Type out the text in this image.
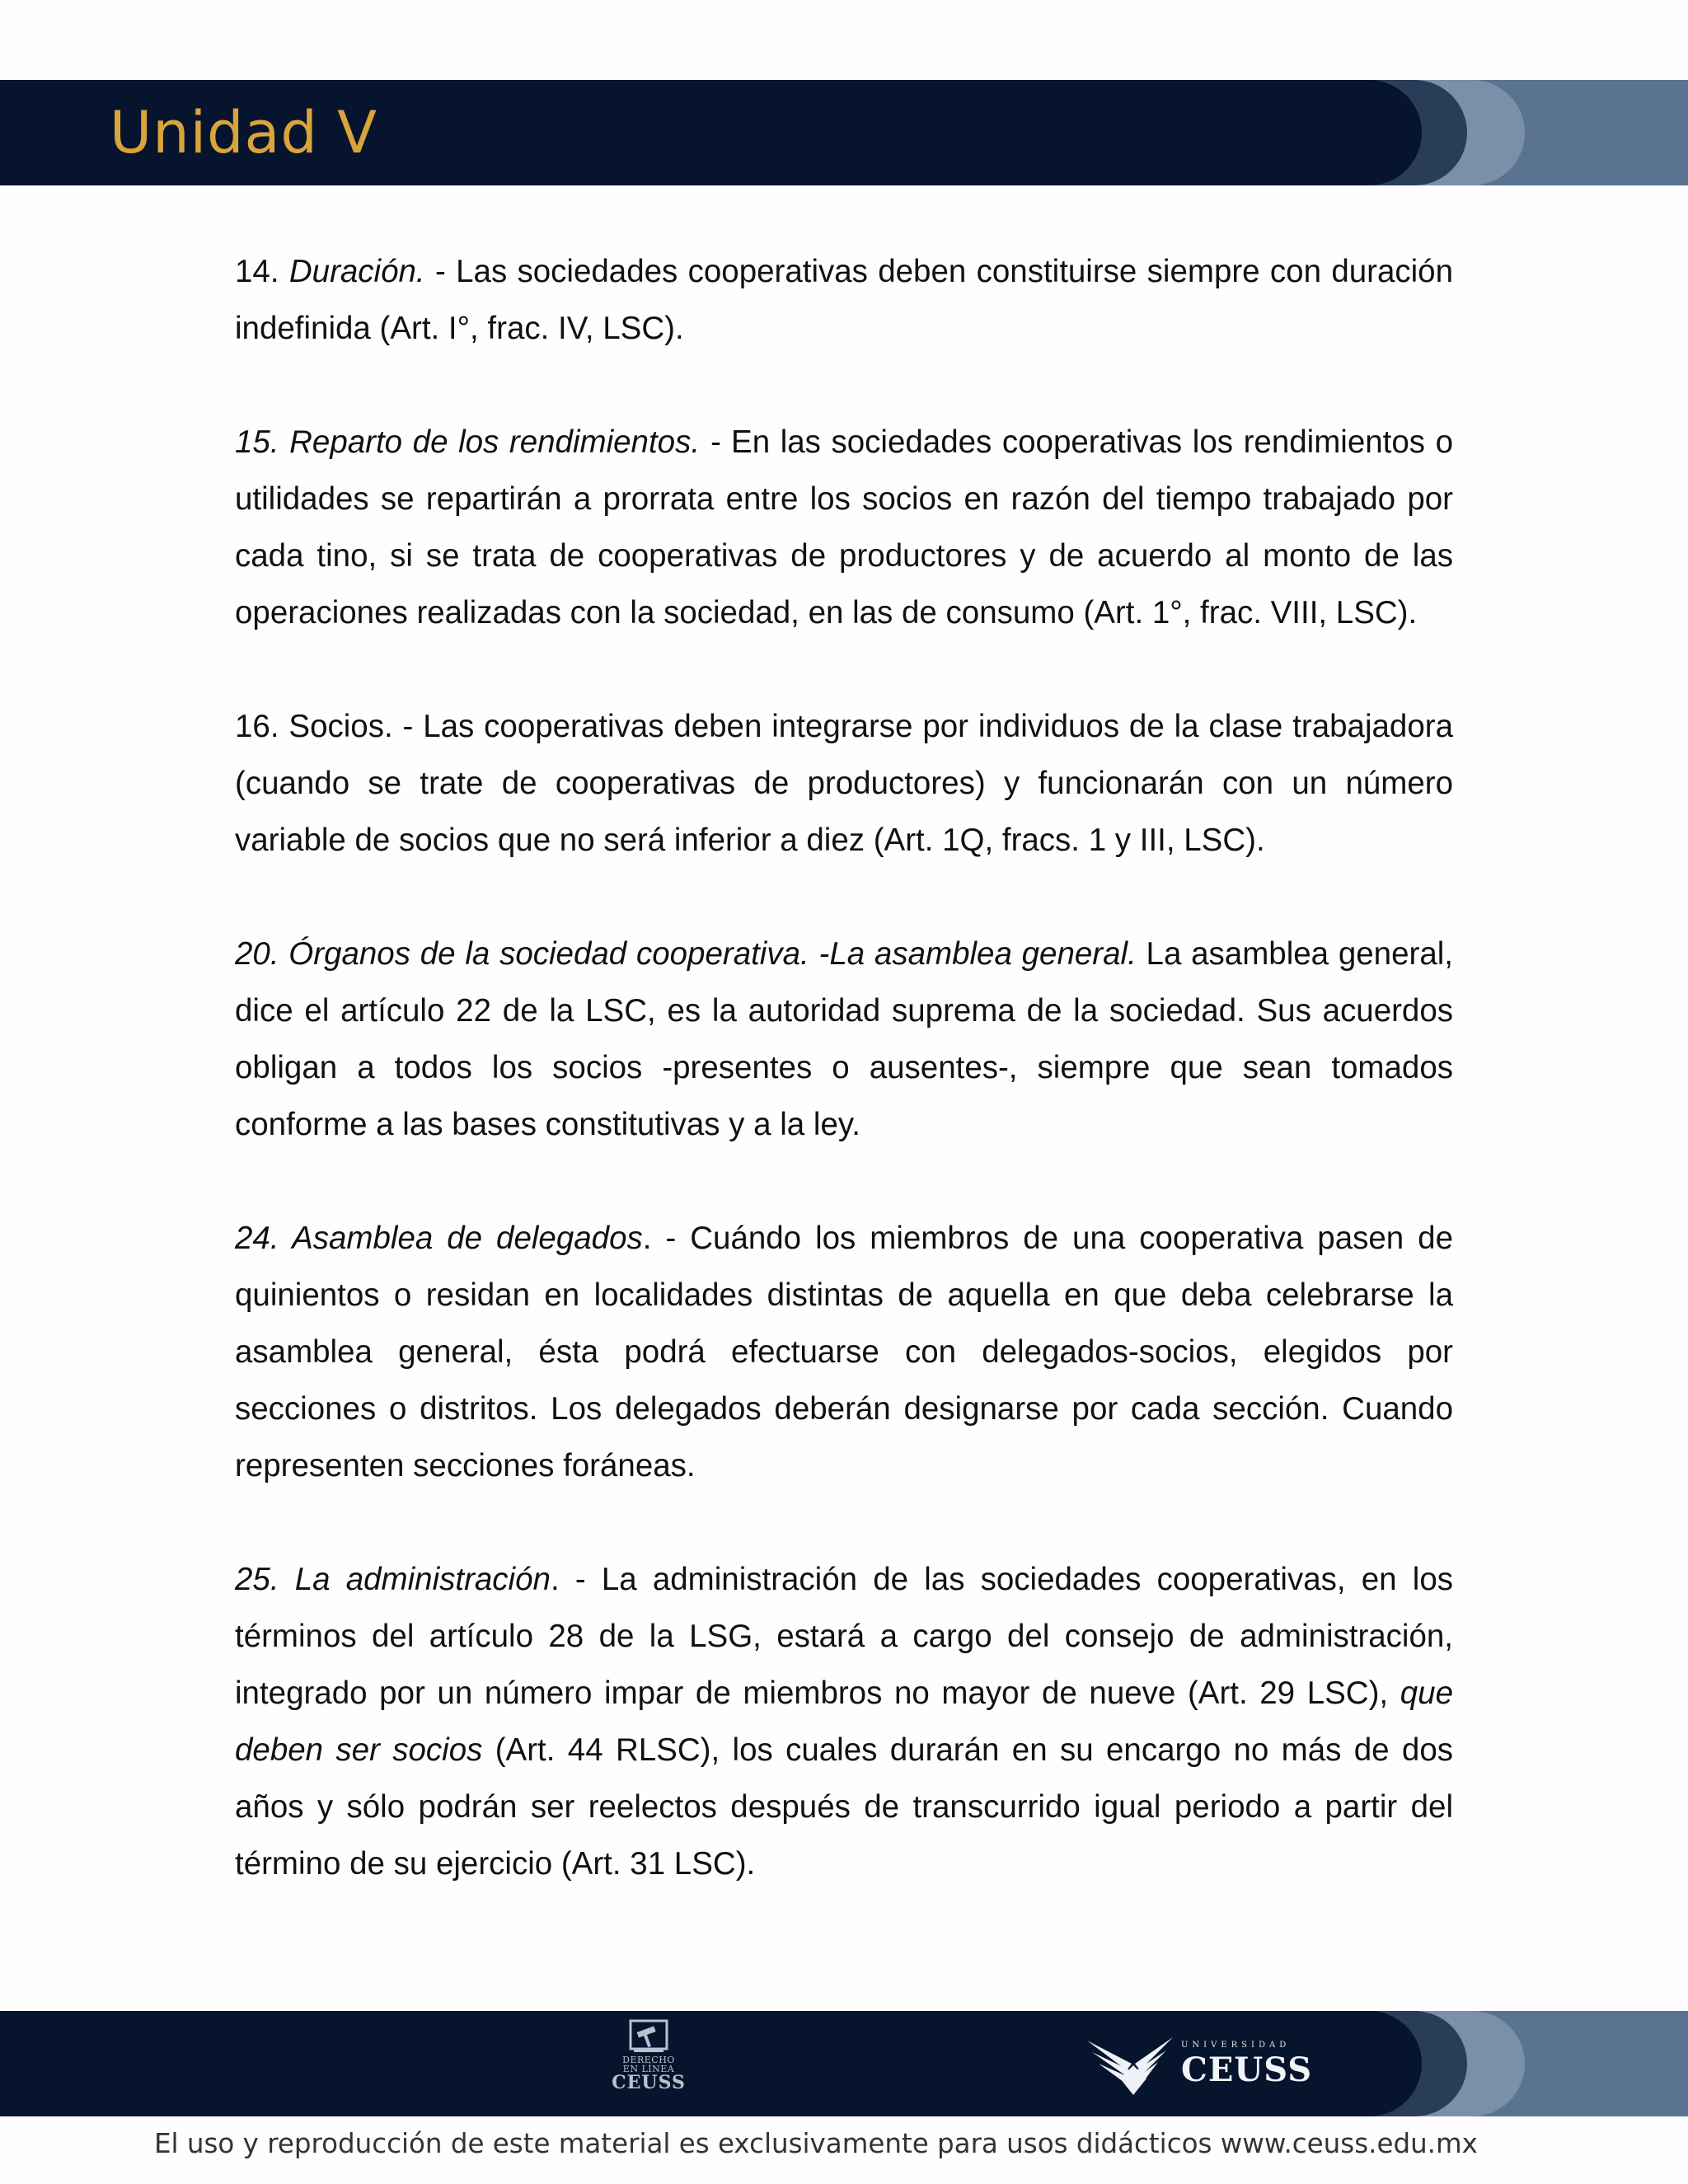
Unidad V

14. Duración. - Las sociedades cooperativas deben constituirse siempre con duración indefinida (Art. I°, frac. IV, LSC).

15. Reparto de los rendimientos. - En las sociedades cooperativas los rendimientos o utilidades se repartirán a prorrata entre los socios en razón del tiempo trabajado por cada tino, si se trata de cooperativas de productores y de acuerdo al monto de las operaciones realizadas con la sociedad, en las de consumo (Art. 1°, frac. VIII, LSC).

16. Socios. - Las cooperativas deben integrarse por individuos de la clase trabajadora (cuando se trate de cooperativas de productores) y funcionarán con un número variable de socios que no será inferior a diez (Art. 1Q, fracs. 1 y III, LSC).

20. Órganos de la sociedad cooperativa. -La asamblea general. La asamblea general, dice el artículo 22 de la LSC, es la autoridad suprema de la sociedad. Sus acuerdos obligan a todos los socios -presentes o ausentes-, siempre que sean tomados conforme a las bases constitutivas y a la ley.

24. Asamblea de delegados. - Cuándo los miembros de una cooperativa pasen de quinientos o residan en localidades distintas de aquella en que deba celebrarse la asamblea general, ésta podrá efectuarse con delegados-socios, elegidos por secciones o distritos. Los delegados deberán designarse por cada sección. Cuando representen secciones foráneas.

25. La administración. - La administración de las sociedades cooperativas, en los términos del artículo 28 de la LSG, estará a cargo del consejo de administración, integrado por un número impar de miembros no mayor de nueve (Art. 29 LSC), que deben ser socios (Art. 44 RLSC), los cuales durarán en su encargo no más de dos años y sólo podrán ser reelectos después de transcurrido igual periodo a partir del término de su ejercicio (Art. 31 LSC).

DERECHO
EN LÍNEA
CEUSS
UNIVERSIDAD
CEUSS
El uso y reproducción de este material es exclusivamente para usos didácticos www.ceuss.edu.mx
